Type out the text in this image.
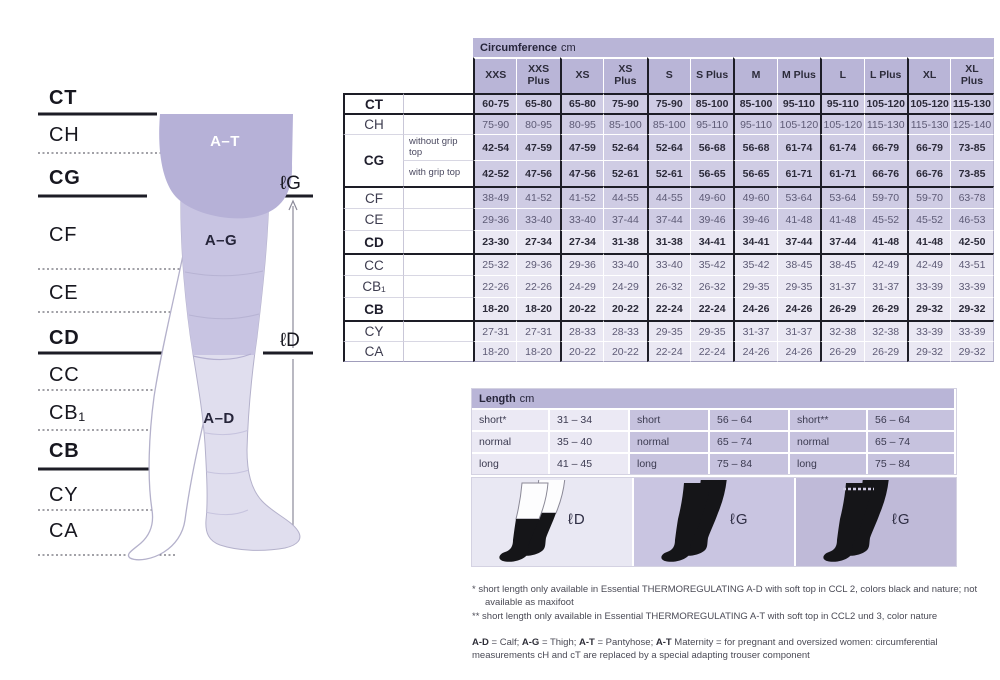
A–T
A–G
A–D
CT
CH
CG
CF
CE
CD
CC
CB₁
CB
CY
CA
ℓG
ℓD
Circumference cm
XXS	XXS Plus	XS	XS Plus	S	S Plus	M	M Plus	L	L Plus	XL	XL Plus
CT	60-75	65-80	65-80	75-90	75-90	85-100	85-100 95-110	95-110 105-120 105-120 115-130
CH	75-90	80-95	80-95	85-100	85-100	95-110	95-110 105-120 105-120 115-130 115-130 125-140
CG
without grip top	42-54	47-59	47-59	52-64	52-64	56-68	56-68	61-74	61-74	66-79	66-79	73-85
with grip top	42-52	47-56	47-56	52-61	52-61	56-65	56-65	61-71	61-71	66-76	66-76	73-85
CF	38-49	41-52	41-52	44-55	44-55	49-60	49-60	53-64	53-64	59-70	59-70	63-78
CE	29-36	33-40	33-40	37-44	37-44	39-46	39-46	41-48	41-48	45-52	45-52	46-53
CD	23-30	27-34	27-34	31-38	31-38	34-41	34-41	37-44	37-44	41-48	41-48	42-50
CC	25-32	29-36	29-36	33-40	33-40	35-42	35-42	38-45	38-45	42-49	42-49	43-51
CB₁	22-26	22-26	24-29	24-29	26-32	26-32	29-35	29-35	31-37	31-37	33-39	33-39
CB	18-20	18-20	20-22	20-22	22-24	22-24	24-26	24-26	26-29	26-29	29-32	29-32
CY	27-31	27-31	28-33	28-33	29-35	29-35	31-37	31-37	32-38	32-38	33-39	33-39
CA	18-20	18-20	20-22	20-22	22-24	22-24	24-26	24-26	26-29	26-29	29-32	29-32
Length cm
short*	31 – 34	short	56 – 64	short**	56 – 64
normal	35 – 40	normal	65 – 74	normal	65 – 74
long	41 – 45	long	75 – 84	long	75 – 84
ℓD	ℓG	ℓG

* short length only available in Essential THERMOREGULATING A-D with soft top in CCL 2, colors black and nature; not available as maxifoot

** short length only available in Essential THERMOREGULATING A-T with soft top in CCL2 und 3, color nature

A-D = Calf; A-G = Thigh; A-T = Pantyhose; A-T Maternity = for pregnant and oversized women: circumferential measurements cH and cT are replaced by a special adapting trouser component
